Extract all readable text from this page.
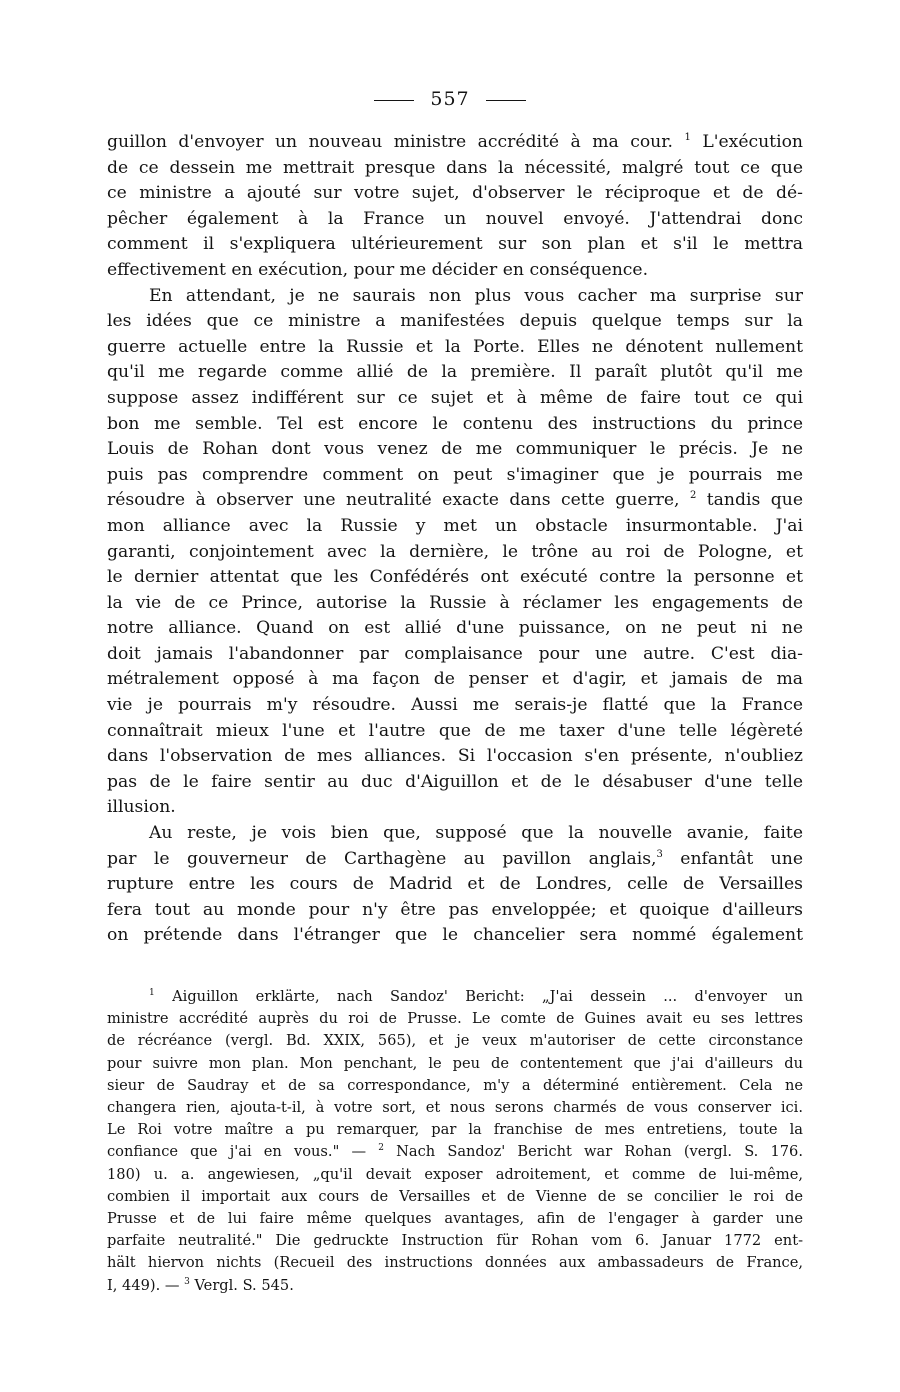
557

guillon d'envoyer un nouveau ministre accrédité à ma cour. $^1$ L'exécution
de ce dessein me mettrait presque dans la nécessité, malgré tout ce que
ce ministre a ajouté sur votre sujet, d'observer le réciproque et de dé-
pêcher également à la France un nouvel envoyé. J'attendrai donc
comment il s'expliquera ultérieurement sur son plan et s'il le mettra
effectivement en exécution, pour me décider en conséquence.

En attendant, je ne saurais non plus vous cacher ma surprise sur
les idées que ce ministre a manifestées depuis quelque temps sur la
guerre actuelle entre la Russie et la Porte. Elles ne dénotent nullement
qu'il me regarde comme allié de la première. Il paraît plutôt qu'il me
suppose assez indifférent sur ce sujet et à même de faire tout ce qui
bon me semble. Tel est encore le contenu des instructions du prince
Louis de Rohan dont vous venez de me communiquer le précis. Je ne
puis pas comprendre comment on peut s'imaginer que je pourrais me
résoudre à observer une neutralité exacte dans cette guerre, $^2$ tandis que
mon alliance avec la Russie y met un obstacle insurmontable. J'ai
garanti, conjointement avec la dernière, le trône au roi de Pologne, et
le dernier attentat que les Confédérés ont exécuté contre la personne et
la vie de ce Prince, autorise la Russie à réclamer les engagements de
notre alliance. Quand on est allié d'une puissance, on ne peut ni ne
doit jamais l'abandonner par complaisance pour une autre. C'est dia-
métralement opposé à ma façon de penser et d'agir, et jamais de ma
vie je pourrais m'y résoudre. Aussi me serais-je flatté que la France
connaîtrait mieux l'une et l'autre que de me taxer d'une telle légèreté
dans l'observation de mes alliances. Si l'occasion s'en présente, n'oubliez
pas de le faire sentir au duc d'Aiguillon et de le désabuser d'une telle
illusion.

Au reste, je vois bien que, supposé que la nouvelle avanie, faite
par le gouverneur de Carthagène au pavillon anglais,$^3$ enfantât une
rupture entre les cours de Madrid et de Londres, celle de Versailles
fera tout au monde pour n'y être pas enveloppée; et quoique d'ailleurs
on prétende dans l'étranger que le chancelier sera nommé également

$^1$ Aiguillon erklärte, nach Sandoz' Bericht: „J'ai dessein ... d'envoyer un
ministre accrédité auprès du roi de Prusse. Le comte de Guines avait eu ses lettres
de récréance (vergl. Bd. XXIX, 565), et je veux m'autoriser de cette circonstance
pour suivre mon plan. Mon penchant, le peu de contentement que j'ai d'ailleurs du
sieur de Saudray et de sa correspondance, m'y a déterminé entièrement. Cela ne
changera rien, ajouta-t-il, à votre sort, et nous serons charmés de vous conserver ici.
Le Roi votre maître a pu remarquer, par la franchise de mes entretiens, toute la
confiance que j'ai en vous." — $^2$ Nach Sandoz' Bericht war Rohan (vergl. S. 176.
180) u. a. angewiesen, „qu'il devait exposer adroitement, et comme de lui-même,
combien il importait aux cours de Versailles et de Vienne de se concilier le roi de
Prusse et de lui faire même quelques avantages, afin de l'engager à garder une
parfaite neutralité." Die gedruckte Instruction für Rohan vom 6. Januar 1772 ent-
hält hiervon nichts (Recueil des instructions données aux ambassadeurs de France,
I, 449). — $^3$ Vergl. S. 545.
